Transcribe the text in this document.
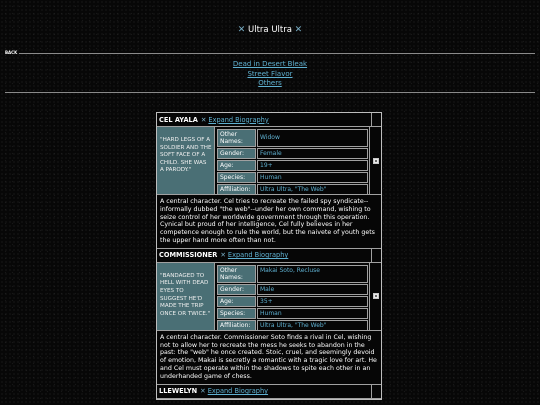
✕ Ultra Ultra ✕
BACK
Dead in Desert Bleak
Street Flavor
Others
CEL AYALA ✕ Expand Biography
"HARD LEGS OF A SOLDIER AND THE SOFT FACE OF A CHILD. SHE WAS A PARODY."
Other Names:
Widow
Gender:	Female
Age:	19+
Species:	Human
Affiliation:	Ultra Ultra, "The Web"
A central character. Cel tries to recreate the failed spy syndicate--informally dubbed "the web"--under her own command, wishing to seize control of her worldwide government through this operation. Cynical but proud of her intelligence, Cel fully believes in her competence enough to rule the world, but the naivete of youth gets the upper hand more often than not.
COMMISSIONER ✕ Expand Biography
"BANDAGED TO HELL WITH DEAD EYES TO SUGGEST HE'D MADE THE TRIP ONCE OR TWICE."
Other Names:
Makai Soto, Recluse
Gender:	Male
Age:	35+
Species:	Human
Affiliation:	Ultra Ultra, "The Web"
A central character. Commissioner Soto finds a rival in Cel, wishing not to allow her to recreate the mess he seeks to abandon in the past: the "web" he once created. Stoic, cruel, and seemingly devoid of emotion, Makai is secretly a romantic with a tragic love for art. He and Cel must operate within the shadows to spite each other in an underhanded game of chess.
LLEWELYN ✕ Expand Biography
